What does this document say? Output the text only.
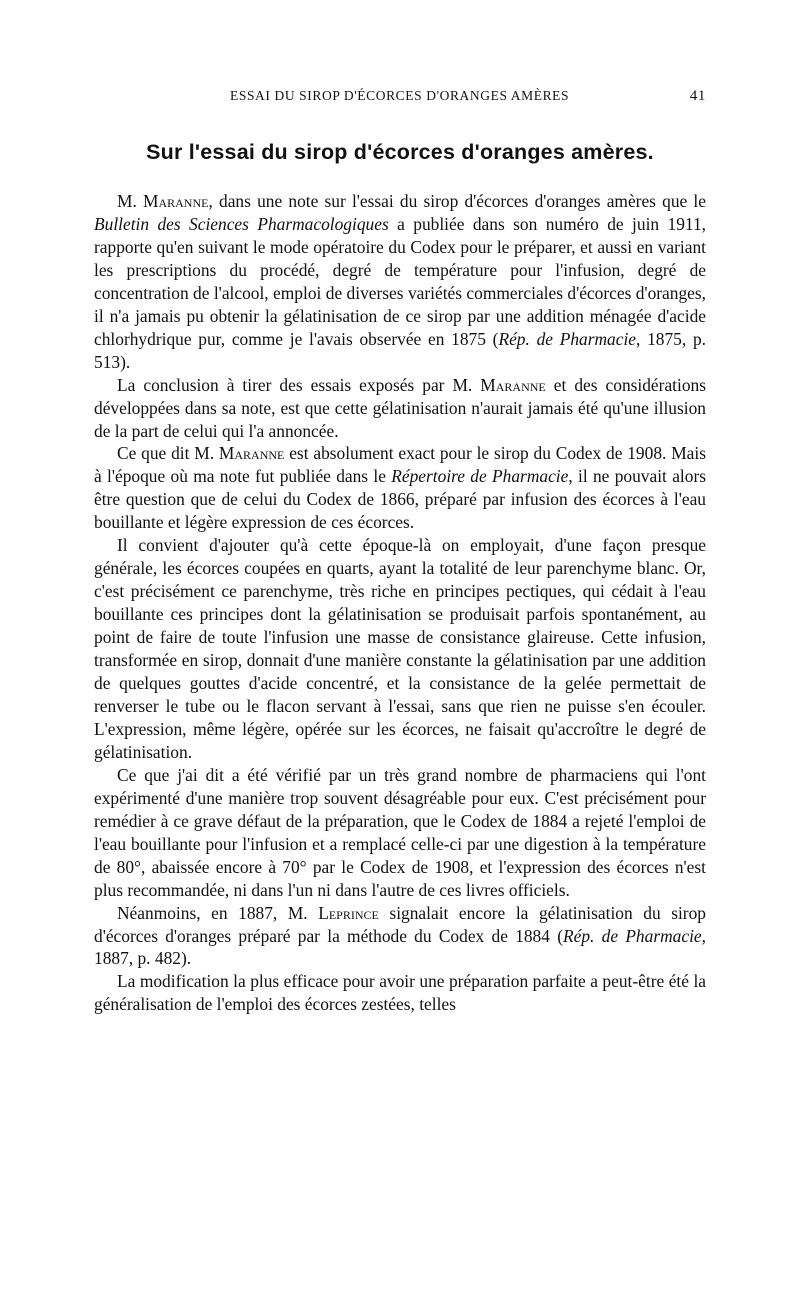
ESSAI DU SIROP D'ÉCORCES D'ORANGES AMÈRES	41
Sur l'essai du sirop d'écorces d'oranges amères.

M. Maranne, dans une note sur l'essai du sirop d'écorces d'oranges amères que le Bulletin des Sciences Pharmacologiques a publiée dans son numéro de juin 1911, rapporte qu'en suivant le mode opératoire du Codex pour le préparer, et aussi en variant les prescriptions du procédé, degré de température pour l'infusion, degré de concentration de l'alcool, emploi de diverses variétés commerciales d'écorces d'oranges, il n'a jamais pu obtenir la gélatinisation de ce sirop par une addition ménagée d'acide chlorhydrique pur, comme je l'avais observée en 1875 (Rép. de Pharmacie, 1875, p. 513).

La conclusion à tirer des essais exposés par M. Maranne et des considérations développées dans sa note, est que cette gélatinisation n'aurait jamais été qu'une illusion de la part de celui qui l'a annoncée.

Ce que dit M. Maranne est absolument exact pour le sirop du Codex de 1908. Mais à l'époque où ma note fut publiée dans le Répertoire de Pharmacie, il ne pouvait alors être question que de celui du Codex de 1866, préparé par infusion des écorces à l'eau bouillante et légère expression de ces écorces.

Il convient d'ajouter qu'à cette époque-là on employait, d'une façon presque générale, les écorces coupées en quarts, ayant la totalité de leur parenchyme blanc. Or, c'est précisément ce parenchyme, très riche en principes pectiques, qui cédait à l'eau bouillante ces principes dont la gélatinisation se produisait parfois spontanément, au point de faire de toute l'infusion une masse de consistance glaireuse. Cette infusion, transformée en sirop, donnait d'une manière constante la gélatinisation par une addition de quelques gouttes d'acide concentré, et la consistance de la gelée permettait de renverser le tube ou le flacon servant à l'essai, sans que rien ne puisse s'en écouler. L'expression, même légère, opérée sur les écorces, ne faisait qu'accroître le degré de gélatinisation.

Ce que j'ai dit a été vérifié par un très grand nombre de pharmaciens qui l'ont expérimenté d'une manière trop souvent désagréable pour eux. C'est précisément pour remédier à ce grave défaut de la préparation, que le Codex de 1884 a rejeté l'emploi de l'eau bouillante pour l'infusion et a remplacé celle-ci par une digestion à la température de 80°, abaissée encore à 70° par le Codex de 1908, et l'expression des écorces n'est plus recommandée, ni dans l'un ni dans l'autre de ces livres officiels.

Néanmoins, en 1887, M. Leprince signalait encore la gélatinisation du sirop d'écorces d'oranges préparé par la méthode du Codex de 1884 (Rép. de Pharmacie, 1887, p. 482).

La modification la plus efficace pour avoir une préparation parfaite a peut-être été la généralisation de l'emploi des écorces zestées, telles
